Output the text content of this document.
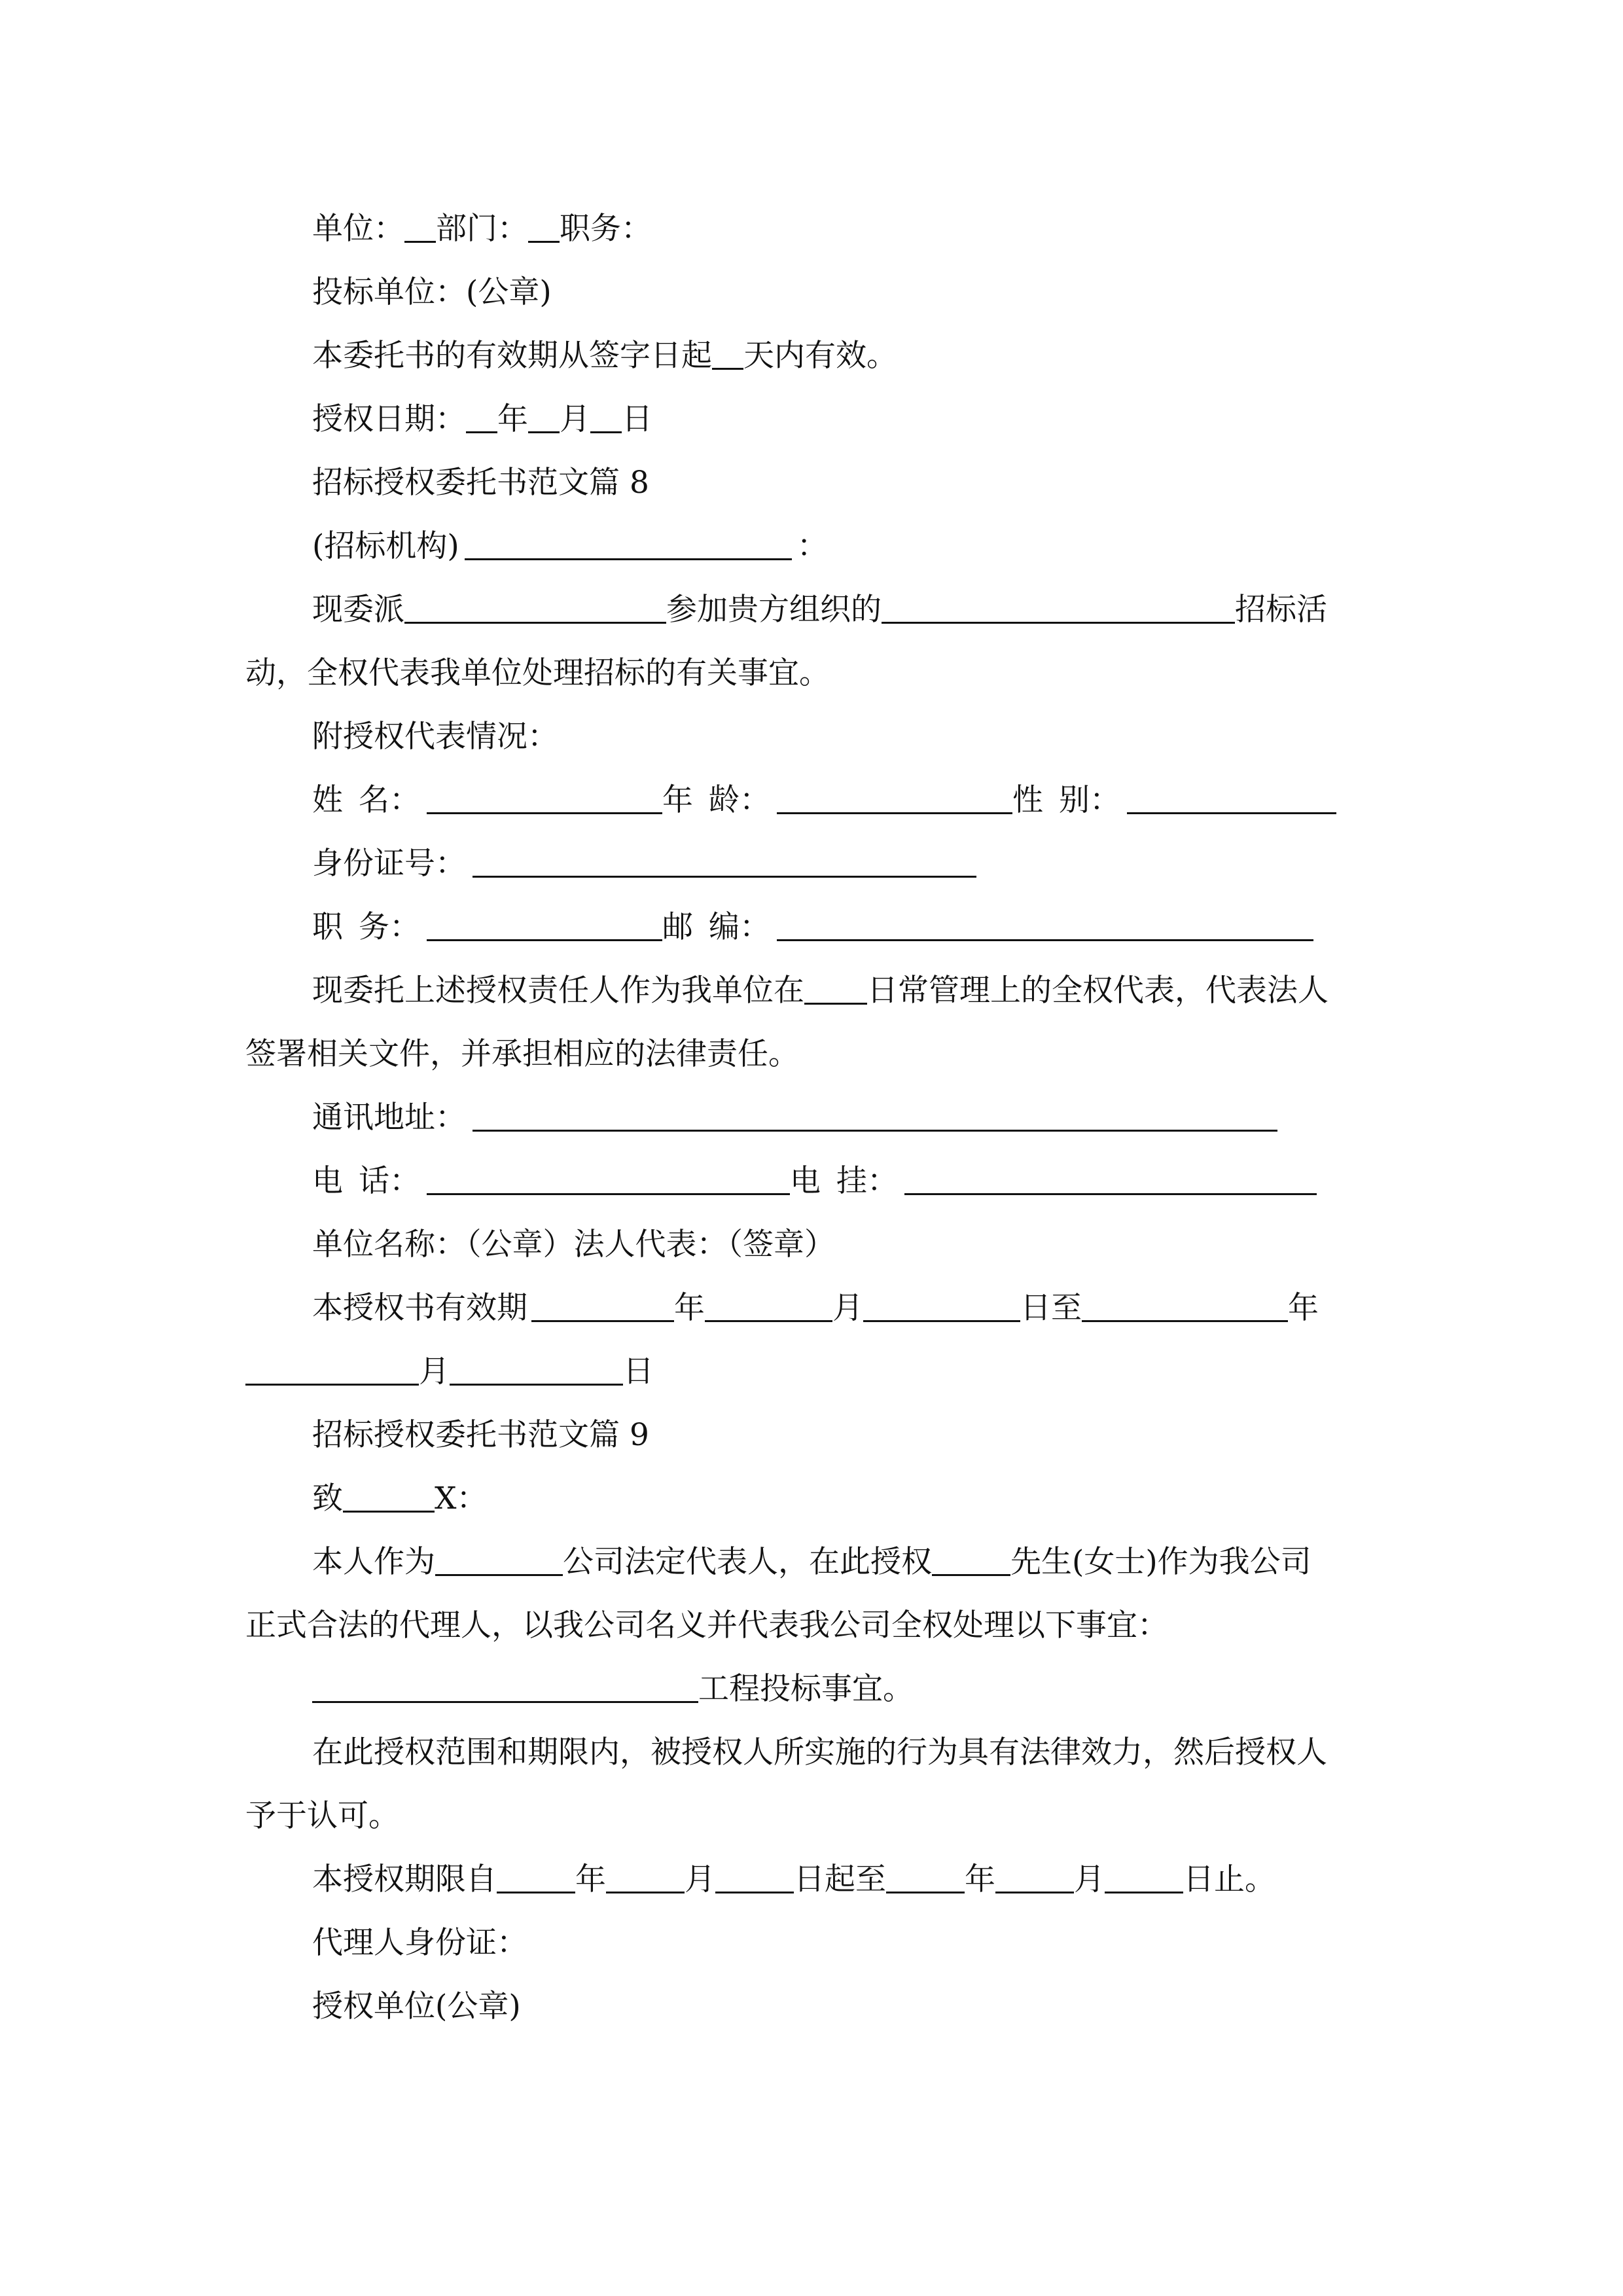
单位： 部门： 职务：
投标单位：(公章)
本委托书的有效期从签字日起 天内有效。
授权日期： 年 月 日
招标授权委托书范文篇 8
(招标机构)	：
现委派	参加贵方组织的	招标活
动，全权代表我单位处理招标的有关事宜。
附授权代表情况：
姓 名：	年 龄：	性 别：
身份证号：
职 务：	邮 编：
现委托上述授权责任人作为我单位在 日常管理上的全权代表，代表法人
签署相关文件，并承担相应的法律责任。
通讯地址：
电 话：	电 挂：
单位名称：（公章）法人代表：（签章）
本授权书有效期	年	月	日至	年
月	日
招标授权委托书范文篇 9
致	X：
本人作为	公司法定代表人，在此授权	先生(女士)作为我公司
正式合法的代理人，以我公司名义并代表我公司全权处理以下事宜：
工程投标事宜。
在此授权范围和期限内，被授权人所实施的行为具有法律效力，然后授权人
予于认可。
本授权期限自	年	月	日起至	年	月	日止。
代理人身份证：
授权单位(公章)
